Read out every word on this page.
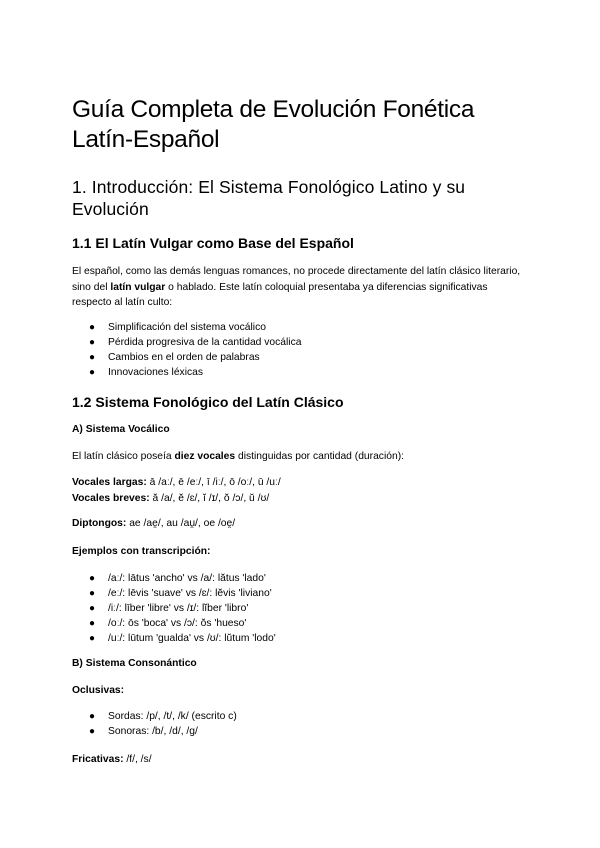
Guía Completa de Evolución Fonética Latín-Español
1. Introducción: El Sistema Fonológico Latino y su Evolución
1.1 El Latín Vulgar como Base del Español

El español, como las demás lenguas romances, no procede directamente del latín clásico literario, sino del latín vulgar o hablado. Este latín coloquial presentaba ya diferencias significativas respecto al latín culto:

● Simplificación del sistema vocálico
● Pérdida progresiva de la cantidad vocálica
● Cambios en el orden de palabras
● Innovaciones léxicas
1.2 Sistema Fonológico del Latín Clásico

A) Sistema Vocálico

El latín clásico poseía diez vocales distinguidas por cantidad (duración):

Vocales largas: ā /aː/, ē /eː/, ī /iː/, ō /oː/, ū /uː/

Vocales breves: ă /a/, ĕ /ɛ/, ĭ /ɪ/, ŏ /ɔ/, ŭ /ʊ/

Diptongos: ae /ae̯/, au /au̯/, oe /oe̯/

Ejemplos con transcripción:

● /aː/: lātus 'ancho' vs /a/: lătus 'lado'
● /eː/: lēvis 'suave' vs /ɛ/: lĕvis 'liviano'
● /iː/: līber 'libre' vs /ɪ/: lĭber 'libro'
● /oː/: ōs 'boca' vs /ɔ/: ŏs 'hueso'
● /uː/: lūtum 'gualda' vs /ʊ/: lŭtum 'lodo'

B) Sistema Consonántico

Oclusivas:

● Sordas: /p/, /t/, /k/ (escrito c)
● Sonoras: /b/, /d/, /g/

Fricativas: /f/, /s/
